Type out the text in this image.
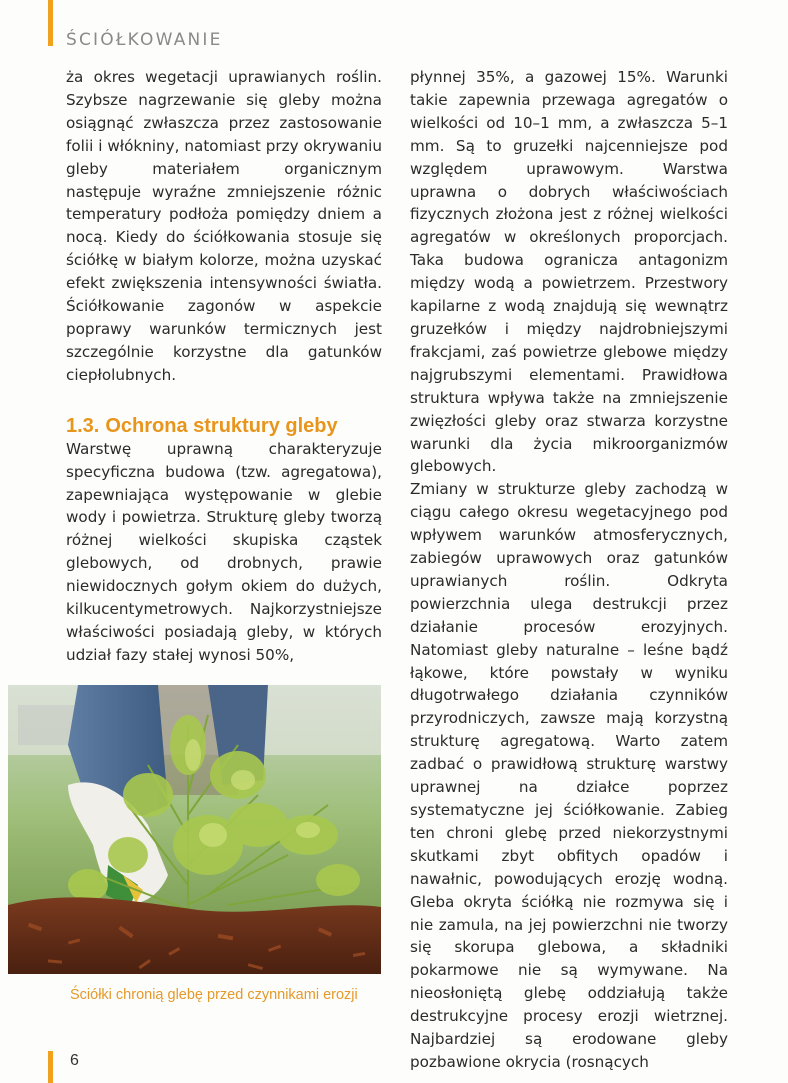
ŚCIÓŁKOWANIE

ża okres wegetacji uprawianych roślin. Szybsze nagrzewanie się gleby można osiągnąć zwłaszcza przez zastosowanie folii i włókniny, natomiast przy okrywaniu gleby materiałem organicznym następuje wyraźne zmniejszenie różnic temperatury podłoża pomiędzy dniem a nocą. Kiedy do ściółkowania stosuje się ściółkę w białym kolorze, można uzyskać efekt zwiększenia intensywności światła. Ściółkowanie zagonów w aspekcie poprawy warunków termicznych jest szczególnie korzystne dla gatunków ciepłolubnych.

1.3. Ochrona struktury gleby

Warstwę uprawną charakteryzuje specyficzna budowa (tzw. agregatowa), zapewniająca występowanie w glebie wody i powietrza. Strukturę gleby tworzą różnej wielkości skupiska cząstek glebowych, od drobnych, prawie niewidocznych gołym okiem do dużych, kilkucentymetrowych. Najkorzystniejsze właściwości posiadają gleby, w których udział fazy stałej wynosi 50%,

płynnej 35%, a gazowej 15%. Warunki takie zapewnia przewaga agregatów o wielkości od 10–1 mm, a zwłaszcza 5–1 mm. Są to gruzełki najcenniejsze pod względem uprawowym. Warstwa uprawna o dobrych właściwościach fizycznych złożona jest z różnej wielkości agregatów w określonych proporcjach. Taka budowa ogranicza antagonizm między wodą a powietrzem. Przestwory kapilarne z wodą znajdują się wewnątrz gruzełków i między najdrobniejszymi frakcjami, zaś powietrze glebowe między najgrubszymi elementami. Prawidłowa struktura wpływa także na zmniejszenie zwięzłości gleby oraz stwarza korzystne warunki dla życia mikroorganizmów glebowych.

Zmiany w strukturze gleby zachodzą w ciągu całego okresu wegetacyjnego pod wpływem warunków atmosferycznych, zabiegów uprawowych oraz gatunków uprawianych roślin. Odkryta powierzchnia ulega destrukcji przez działanie procesów erozyjnych. Natomiast gleby naturalne – leśne bądź łąkowe, które powstały w wyniku długotrwałego działania czynników przyrodniczych, zawsze mają korzystną strukturę agregatową. Warto zatem zadbać o prawidłową strukturę warstwy uprawnej na działce poprzez systematyczne jej ściółkowanie. Zabieg ten chroni glebę przed niekorzystnymi skutkami zbyt obfitych opadów i nawałnic, powodujących erozję wodną. Gleba okryta ściółką nie rozmywa się i nie zamula, na jej powierzchni nie tworzy się skorupa glebowa, a składniki pokarmowe nie są wymywane. Na nieosłoniętą glebę oddziałują także destrukcyjne procesy erozji wietrznej. Najbardziej są erodowane gleby pozbawione okrycia (rosnących

Ściółki chronią glebę przed czynnikami erozji

6
